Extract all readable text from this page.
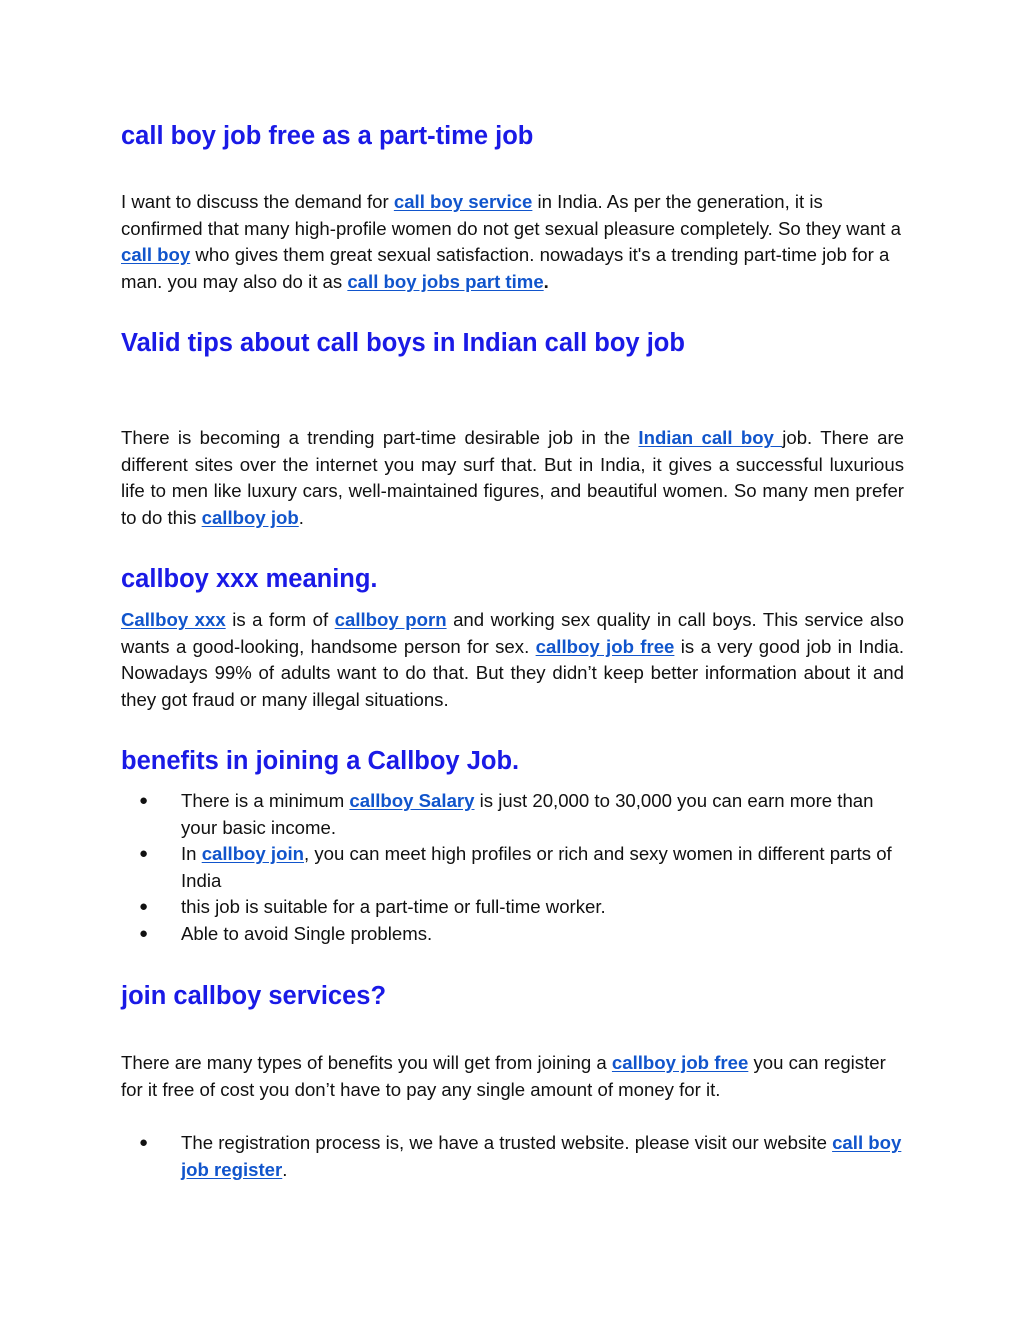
call boy job free as a part-time job

I want to discuss the demand for call boy service in India. As per the generation, it is confirmed that many high-profile women do not get sexual pleasure completely. So they want a call boy who gives them great sexual satisfaction. nowadays it's a trending part-time job for a man. you may also do it as call boy jobs part time.

Valid tips about call boys in Indian call boy job

There is becoming a trending part-time desirable job in the Indian call boy job. There are different sites over the internet you may surf that. But in India, it gives a successful luxurious life to men like luxury cars, well-maintained figures, and beautiful women. So many men prefer to do this callboy job.

callboy xxx meaning.

Callboy xxx is a form of callboy porn and working sex quality in call boys. This service also wants a good-looking, handsome person for sex. callboy job free is a very good job in India. Nowadays 99% of adults want to do that. But they didn’t keep better information about it and they got fraud or many illegal situations.

benefits in joining a Callboy Job.
● There is a minimum callboy Salary is just 20,000 to 30,000 you can earn more than your basic income.
● In callboy join, you can meet high profiles or rich and sexy women in different parts of India
● this job is suitable for a part-time or full-time worker.
● Able to avoid Single problems.
join callboy services?

There are many types of benefits you will get from joining a callboy job free you can register for it free of cost you don’t have to pay any single amount of money for it.

● The registration process is, we have a trusted website. please visit our website call boy job register.
